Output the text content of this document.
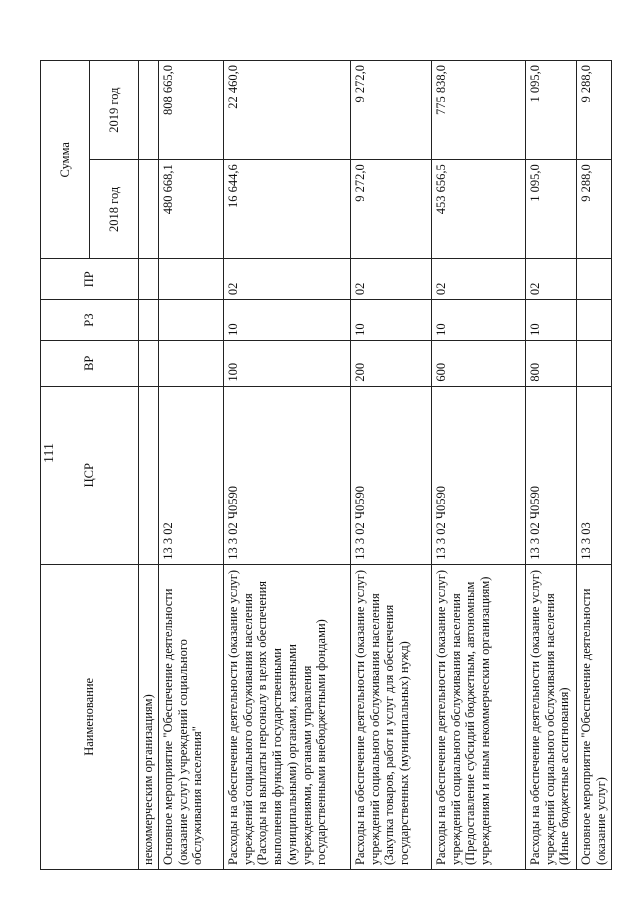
111
Наименование	ЦСР	ВР	РЗ	ПР	Сумма	
					2018 год	2019 год
некоммерческим организациям)						
Основное мероприятие "Обеспечение деятельности (оказание услуг) учреждений социального обслуживания населения"	13 3 02				480 668,1	808 665,0
Расходы на обеспечение деятельности (оказание услуг) учреждений социального обслуживания населения (Расходы на выплаты персоналу в целях обеспечения выполнения функций государственными (муниципальными) органами, казенными учреждениями, органами управления государственными внебюджетными фондами)	13 3 02 Ч0590	100	10	02	16 644,6	22 460,0
Расходы на обеспечение деятельности (оказание услуг) учреждений социального обслуживания населения (Закупка товаров, работ и услуг для обеспечения государственных (муниципальных) нужд)	13 3 02 Ч0590	200	10	02	9 272,0	9 272,0
Расходы на обеспечение деятельности (оказание услуг) учреждений социального обслуживания населения (Предоставление субсидий бюджетным, автономным учреждениям и иным некоммерческим организациям)	13 3 02 Ч0590	600	10	02	453 656,5	775 838,0
Расходы на обеспечение деятельности (оказание услуг) учреждений социального обслуживания населения (Иные бюджетные ассигнования)	13 3 02 Ч0590	800	10	02	1 095,0	1 095,0
Основное мероприятие "Обеспечение деятельности (оказание услуг)	13 3 03				9 288,0	9 288,0
